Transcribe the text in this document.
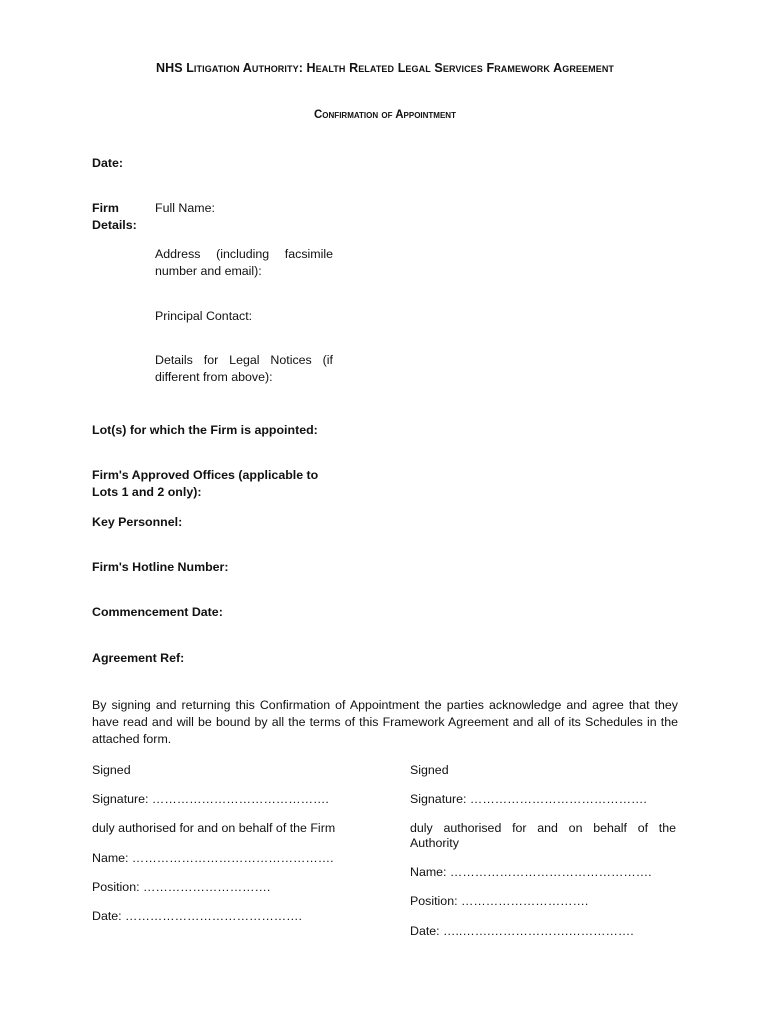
NHS Litigation Authority: Health Related Legal Services Framework Agreement
Confirmation of Appointment
Date:
Firm
Details:
Full Name:
Address (including facsimile
number and email):
Principal Contact:
Details for Legal Notices (if
different from above):
Lot(s) for which the Firm is appointed:
Firm's Approved Offices (applicable to
Lots 1 and 2 only):
Key Personnel:
Firm's Hotline Number:
Commencement Date:
Agreement Ref:
By signing and returning this Confirmation of Appointment the parties acknowledge and agree that they have read and will be bound by all the terms of this Framework Agreement and all of its Schedules in the attached form.
Signed
Signature: …………………………………….
duly authorised for and on behalf of the Firm
Name: ………………………………………….
Position: ………………………….
Date: …………………………………….
Signed
Signature: …………………………………….
duly authorised for and on behalf of the
Authority
Name: ………………………………………….
Position: ………………………….
Date: …..…….……………….…………….
